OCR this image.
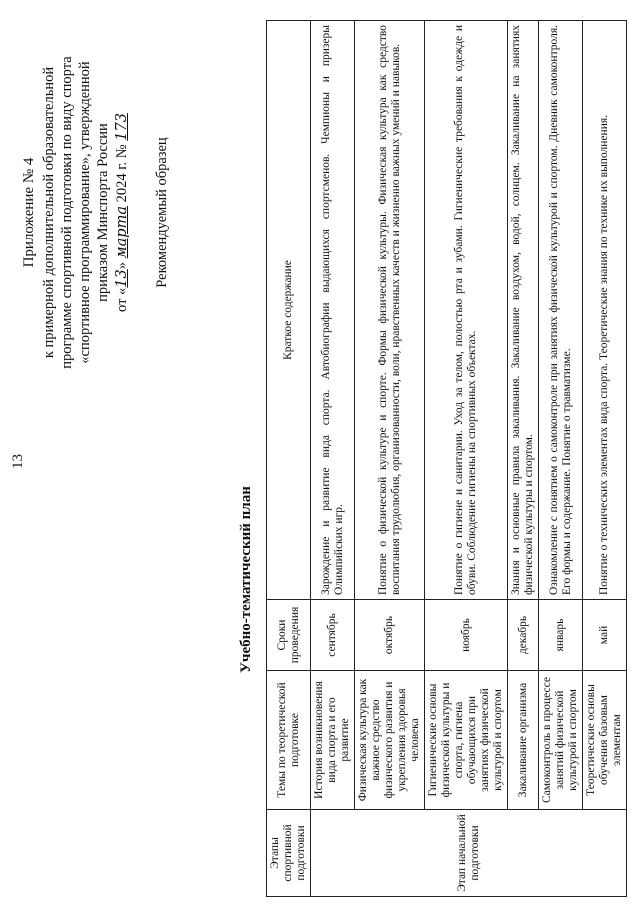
13
Приложение № 4 к примерной дополнительной образовательной программе спортивной подготовки по виду спорта «спортивное программирование», утвержденной приказом Минспорта России от «13» марта 2024 г. № 173
Рекомендуемый образец
Учебно-тематический план
Этапы спортивной подготовки	Темы по теоретической подготовке	Сроки проведения	Краткое содержание
Этап начальной подготовки	История возникновения вида спорта и его развитие	сентябрь	Зарождение и развитие вида спорта. Автобиографии выдающихся спортсменов. Чемпионы и призеры Олимпийских игр.
	Физическая культура как важное средство физического развития и укрепления здоровья человека	октябрь	Понятие о физической культуре и спорте. Формы физической культуры. Физическая культура как средство воспитания трудолюбия, организованности, воли, нравственных качеств и жизненно важных умений и навыков.
	Гигиенические основы физической культуры и спорта, гигиена обучающихся при занятиях физической культурой и спортом	ноябрь	Понятие о гигиене и санитарии. Уход за телом, полостью рта и зубами. Гигиенические требования к одежде и обуви. Соблюдение гигиены на спортивных объектах.
	Закаливание организма	декабрь	Знания и основные правила закаливания. Закаливание воздухом, водой, солнцем. Закаливание на занятиях физической культуры и спортом.
	Самоконтроль в процессе занятий физической культурой и спортом	январь	Ознакомление с понятием о самоконтроле при занятиях физической культурой и спортом. Дневник самоконтроля. Его формы и содержание. Понятие о травматизме.
	Теоретические основы обучения базовым элементам	май	Понятие о технических элементах вида спорта. Теоретические знания по технике их выполнения.
